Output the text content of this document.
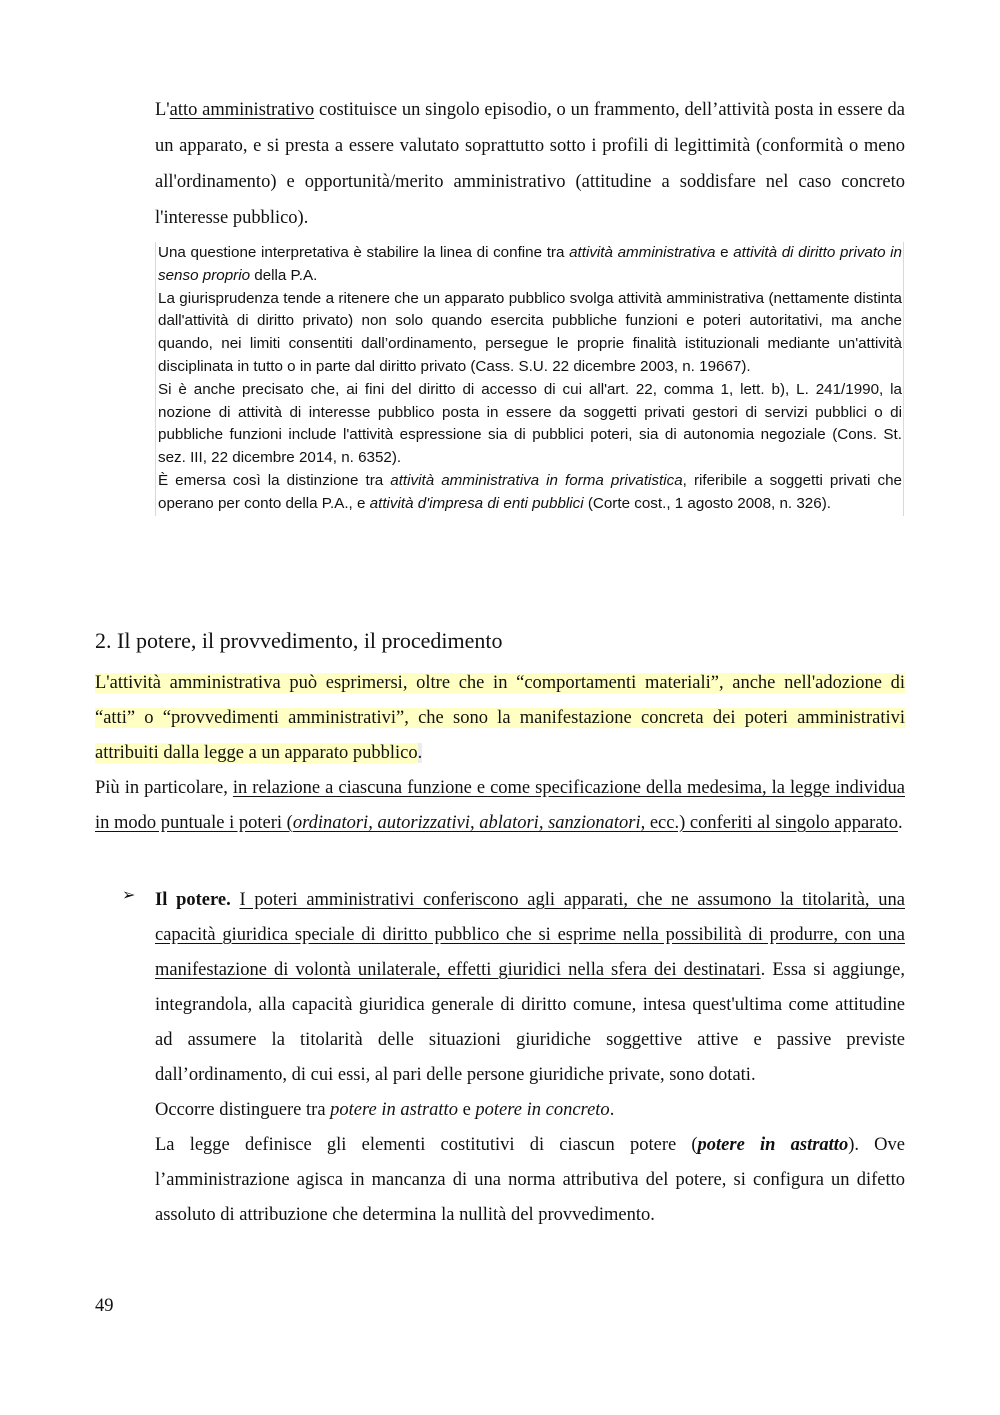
L'atto amministrativo costituisce un singolo episodio, o un frammento, dell’attività posta in essere da un apparato, e si presta a essere valutato soprattutto sotto i profili di legittimità (conformità o meno all'ordinamento) e opportunità/merito amministrativo (attitudine a soddisfare nel caso concreto l'interesse pubblico).

Una questione interpretativa è stabilire la linea di confine tra attività amministrativa e attività di diritto privato in senso proprio della P.A.

La giurisprudenza tende a ritenere che un apparato pubblico svolga attività amministrativa (nettamente distinta dall'attività di diritto privato) non solo quando esercita pubbliche funzioni e poteri autoritativi, ma anche quando, nei limiti consentiti dall’ordinamento, persegue le proprie finalità istituzionali mediante un'attività disciplinata in tutto o in parte dal diritto privato (Cass. S.U. 22 dicembre 2003, n. 19667).

Si è anche precisato che, ai fini del diritto di accesso di cui all'art. 22, comma 1, lett. b), L. 241/1990, la nozione di attività di interesse pubblico posta in essere da soggetti privati gestori di servizi pubblici o di pubbliche funzioni include l'attività espressione sia di pubblici poteri, sia di autonomia negoziale (Cons. St. sez. III, 22 dicembre 2014, n. 6352).

È emersa così la distinzione tra attività amministrativa in forma privatistica, riferibile a soggetti privati che operano per conto della P.A., e attività d'impresa di enti pubblici (Corte cost., 1 agosto 2008, n. 326).

2. Il potere, il provvedimento, il procedimento

L'attività amministrativa può esprimersi, oltre che in “comportamenti materiali”, anche nell'adozione di “atti” o “provvedimenti amministrativi”, che sono la manifestazione concreta dei poteri amministrativi attribuiti dalla legge a un apparato pubblico.

Più in particolare, in relazione a ciascuna funzione e come specificazione della medesima, la legge individua in modo puntuale i poteri (ordinatori, autorizzativi, ablatori, sanzionatori, ecc.) conferiti al singolo apparato.

➢ Il potere. I poteri amministrativi conferiscono agli apparati, che ne assumono la titolarità, una capacità giuridica speciale di diritto pubblico che si esprime nella possibilità di produrre, con una manifestazione di volontà unilaterale, effetti giuridici nella sfera dei destinatari. Essa si aggiunge, integrandola, alla capacità giuridica generale di diritto comune, intesa quest'ultima come attitudine ad assumere la titolarità delle situazioni giuridiche soggettive attive e passive previste dall’ordinamento, di cui essi, al pari delle persone giuridiche private, sono dotati.

Occorre distinguere tra potere in astratto e potere in concreto.

La legge definisce gli elementi costitutivi di ciascun potere (potere in astratto). Ove l’amministrazione agisca in mancanza di una norma attributiva del potere, si configura un difetto assoluto di attribuzione che determina la nullità del provvedimento.

49
